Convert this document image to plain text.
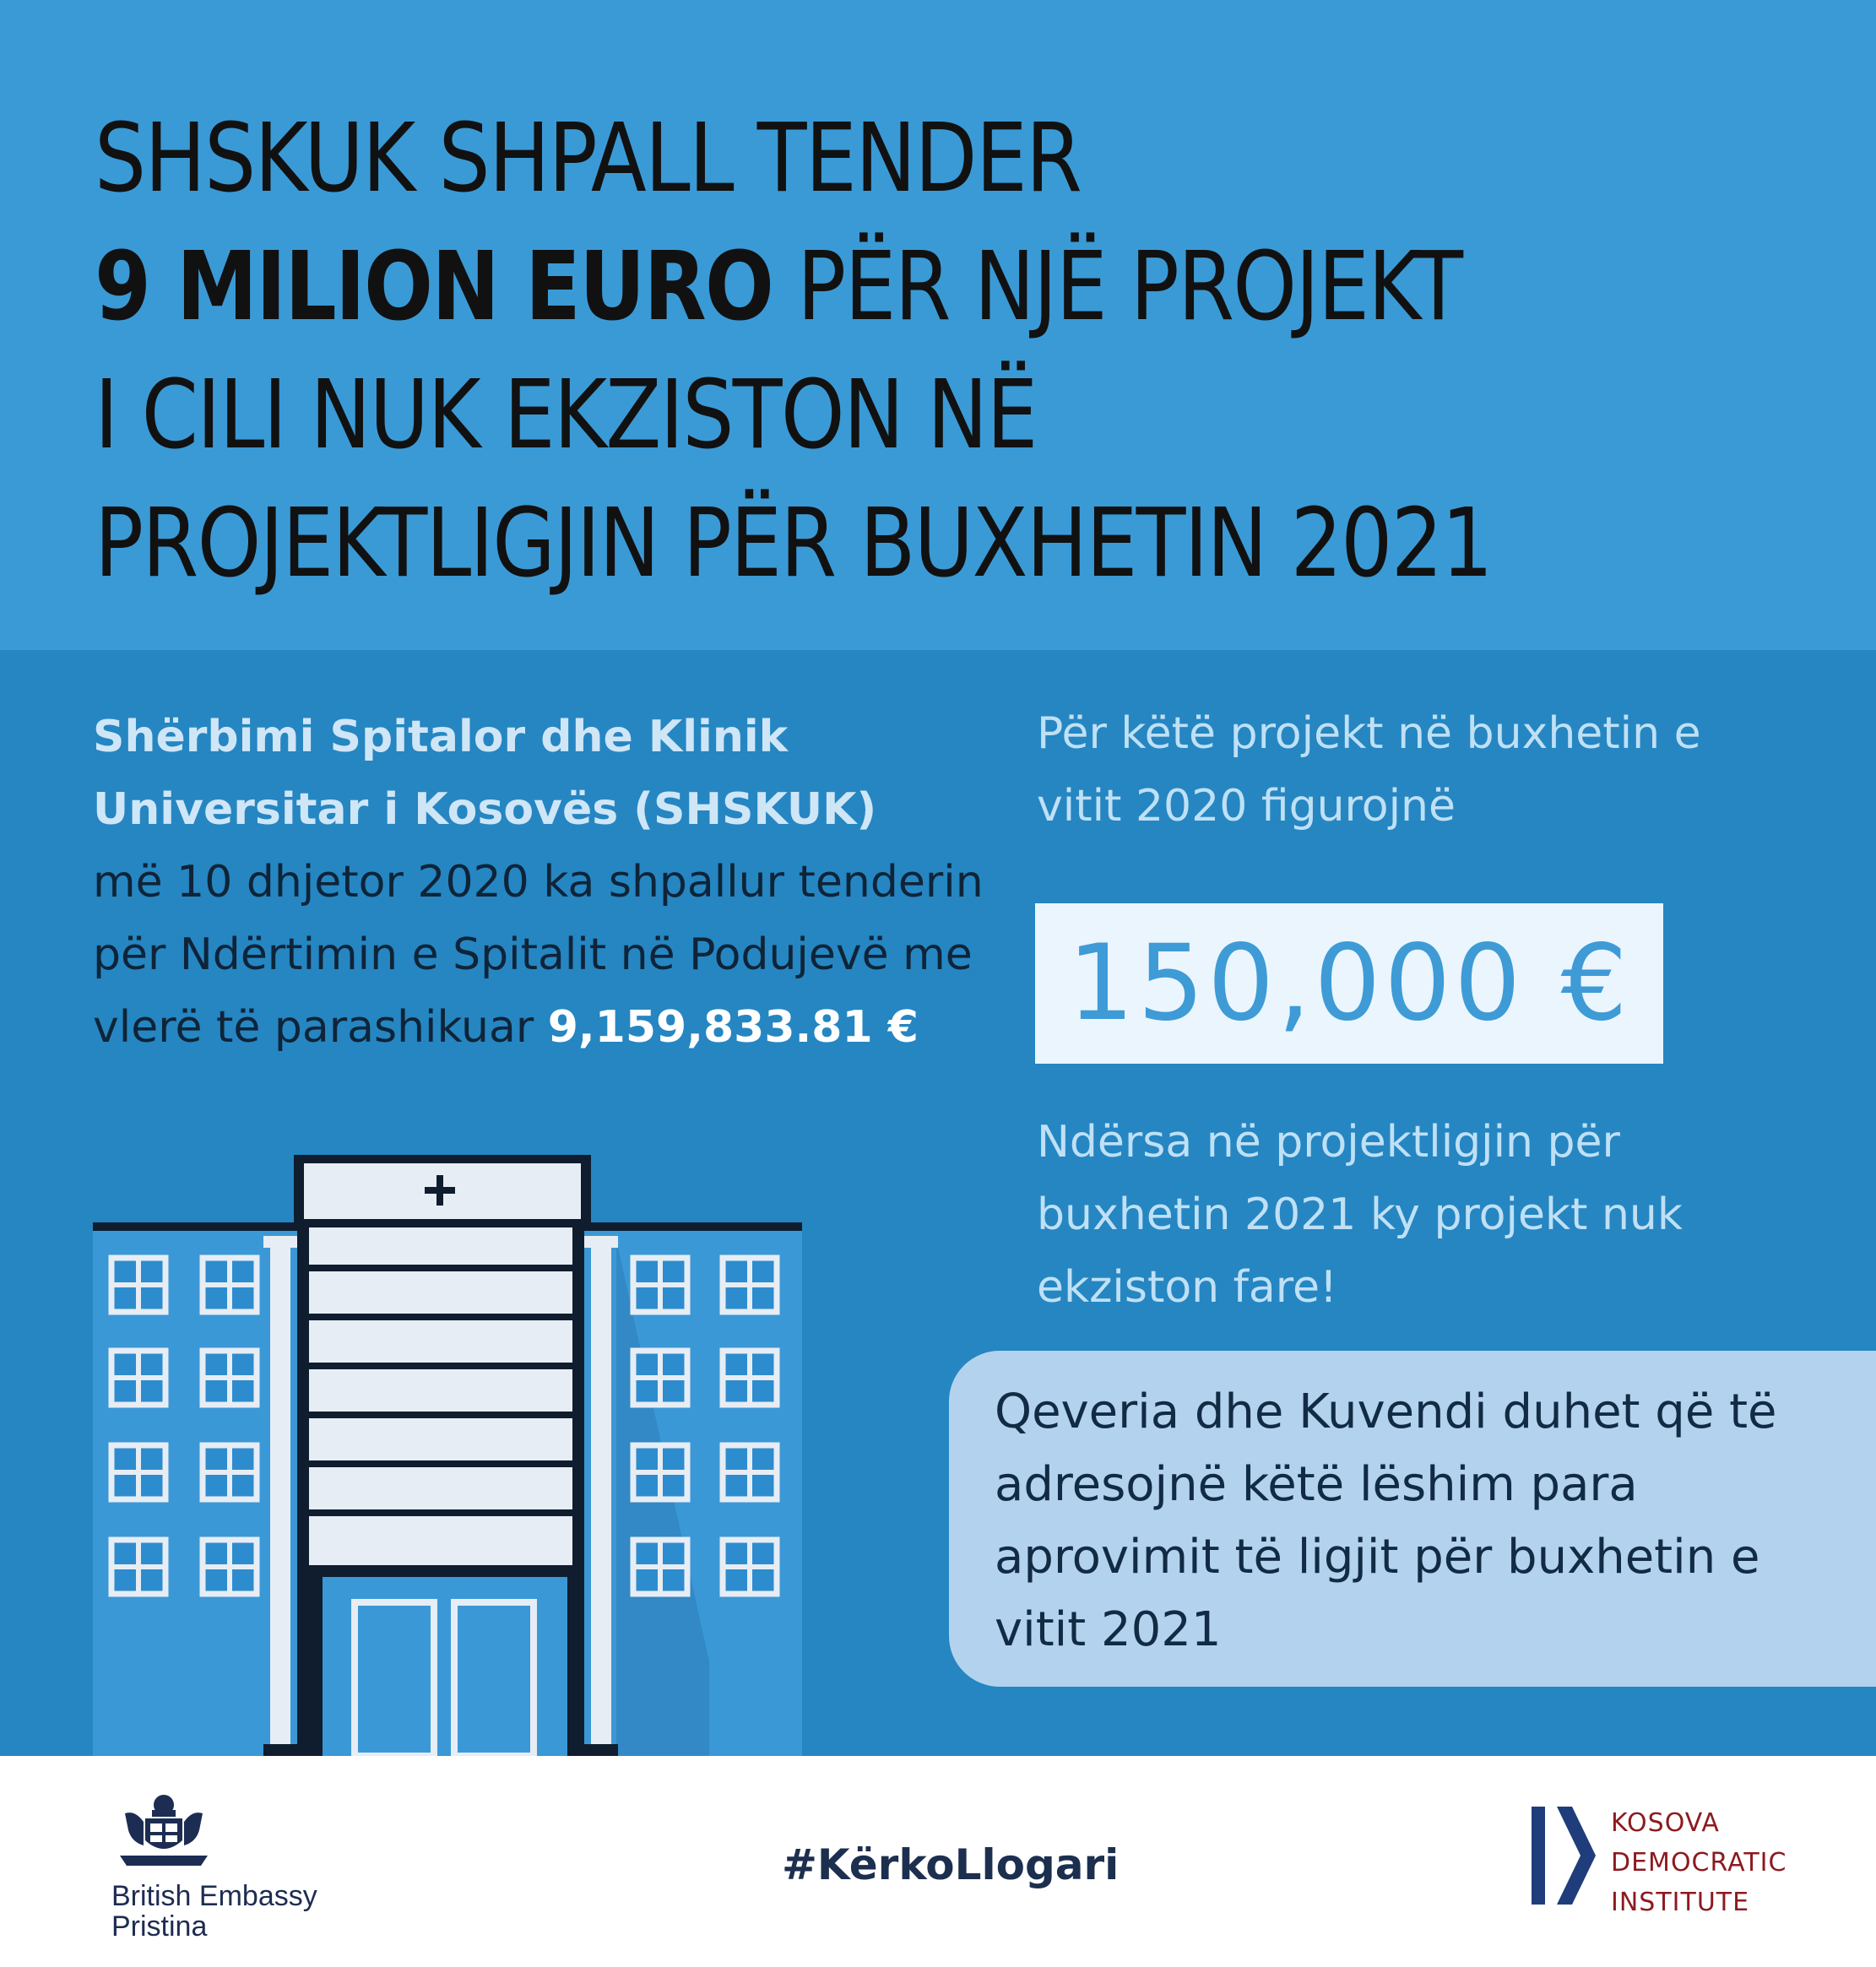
SHSKUK SHPALL TENDER
9 MILION EURO PËR NJË PROJEKT
I CILI NUK EKZISTON NË
PROJEKTLIGJIN PËR BUXHETIN 2021

Shërbimi Spitalor dhe Klinik
Universitar i Kosovës (SHSKUK)
më 10 dhjetor 2020 ka shpallur tenderin për Ndërtimin e Spitalit në Podujevë me vlerë të parashikuar 9,159,833.81 €

Për këtë projekt në buxhetin e vitit 2020 figurojnë

150,000 €

Ndërsa në projektligjin për buxhetin 2021 ky projekt nuk ekziston fare!

Qeveria dhe Kuvendi duhet që të adresojnë këtë lëshim para aprovimit të ligjit për buxhetin e vitit 2021

British Embassy
Pristina
#KërkoLlogari
KOSOVA
DEMOCRATIC
INSTITUTE
